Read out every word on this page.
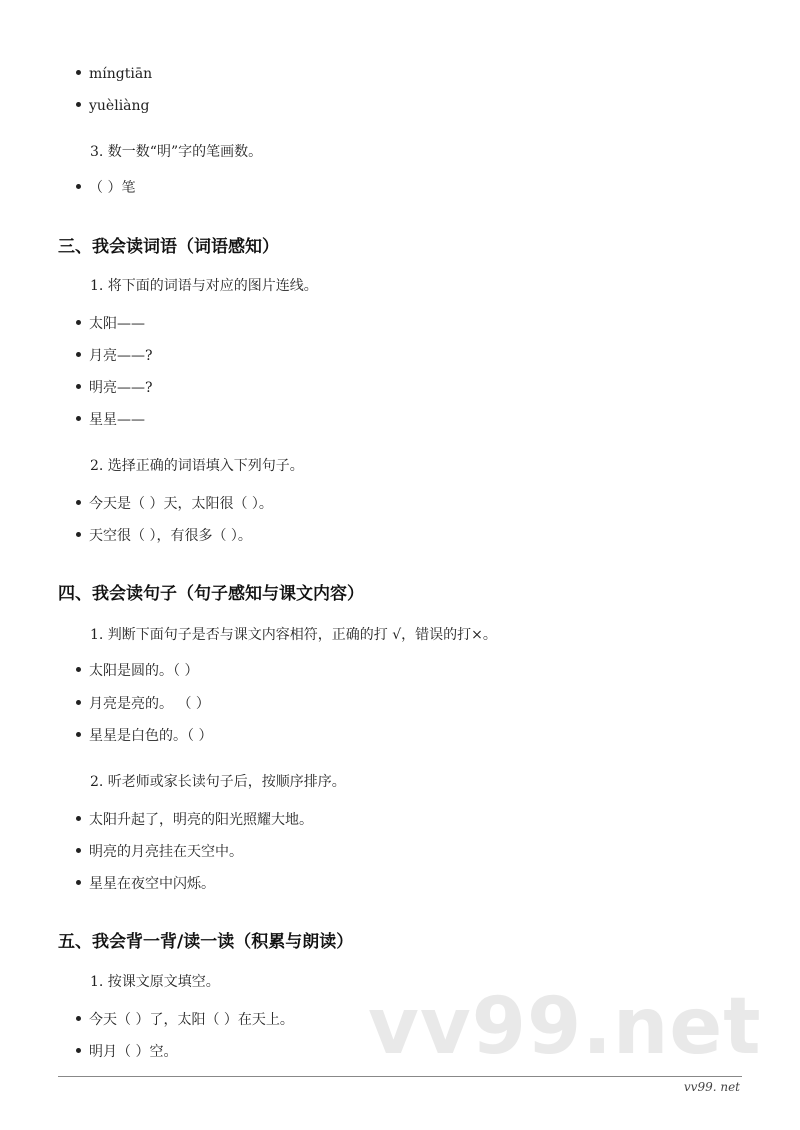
míngtiān
yuèliàng
3. 数一数“明”字的笔画数。
（ ）笔
三、我会读词语（词语感知）
1. 将下面的词语与对应的图片连线。
太阳——
月亮——?
明亮——?
星星——
2. 选择正确的词语填入下列句子。
今天是（ ）天，太阳很（ ）。
天空很（ ），有很多（ ）。
四、我会读句子（句子感知与课文内容）
1. 判断下面句子是否与课文内容相符，正确的打 √，错误的打×。
太阳是圆的。（ ）
月亮是亮的。 （ ）
星星是白色的。（ ）
2. 听老师或家长读句子后，按顺序排序。
太阳升起了，明亮的阳光照耀大地。
明亮的月亮挂在天空中。
星星在夜空中闪烁。
五、我会背一背/读一读（积累与朗读）
1. 按课文原文填空。 vv99.net
今天（ ）了，太阳（ ）在天上。
明月（ ）空。
vv99. net
